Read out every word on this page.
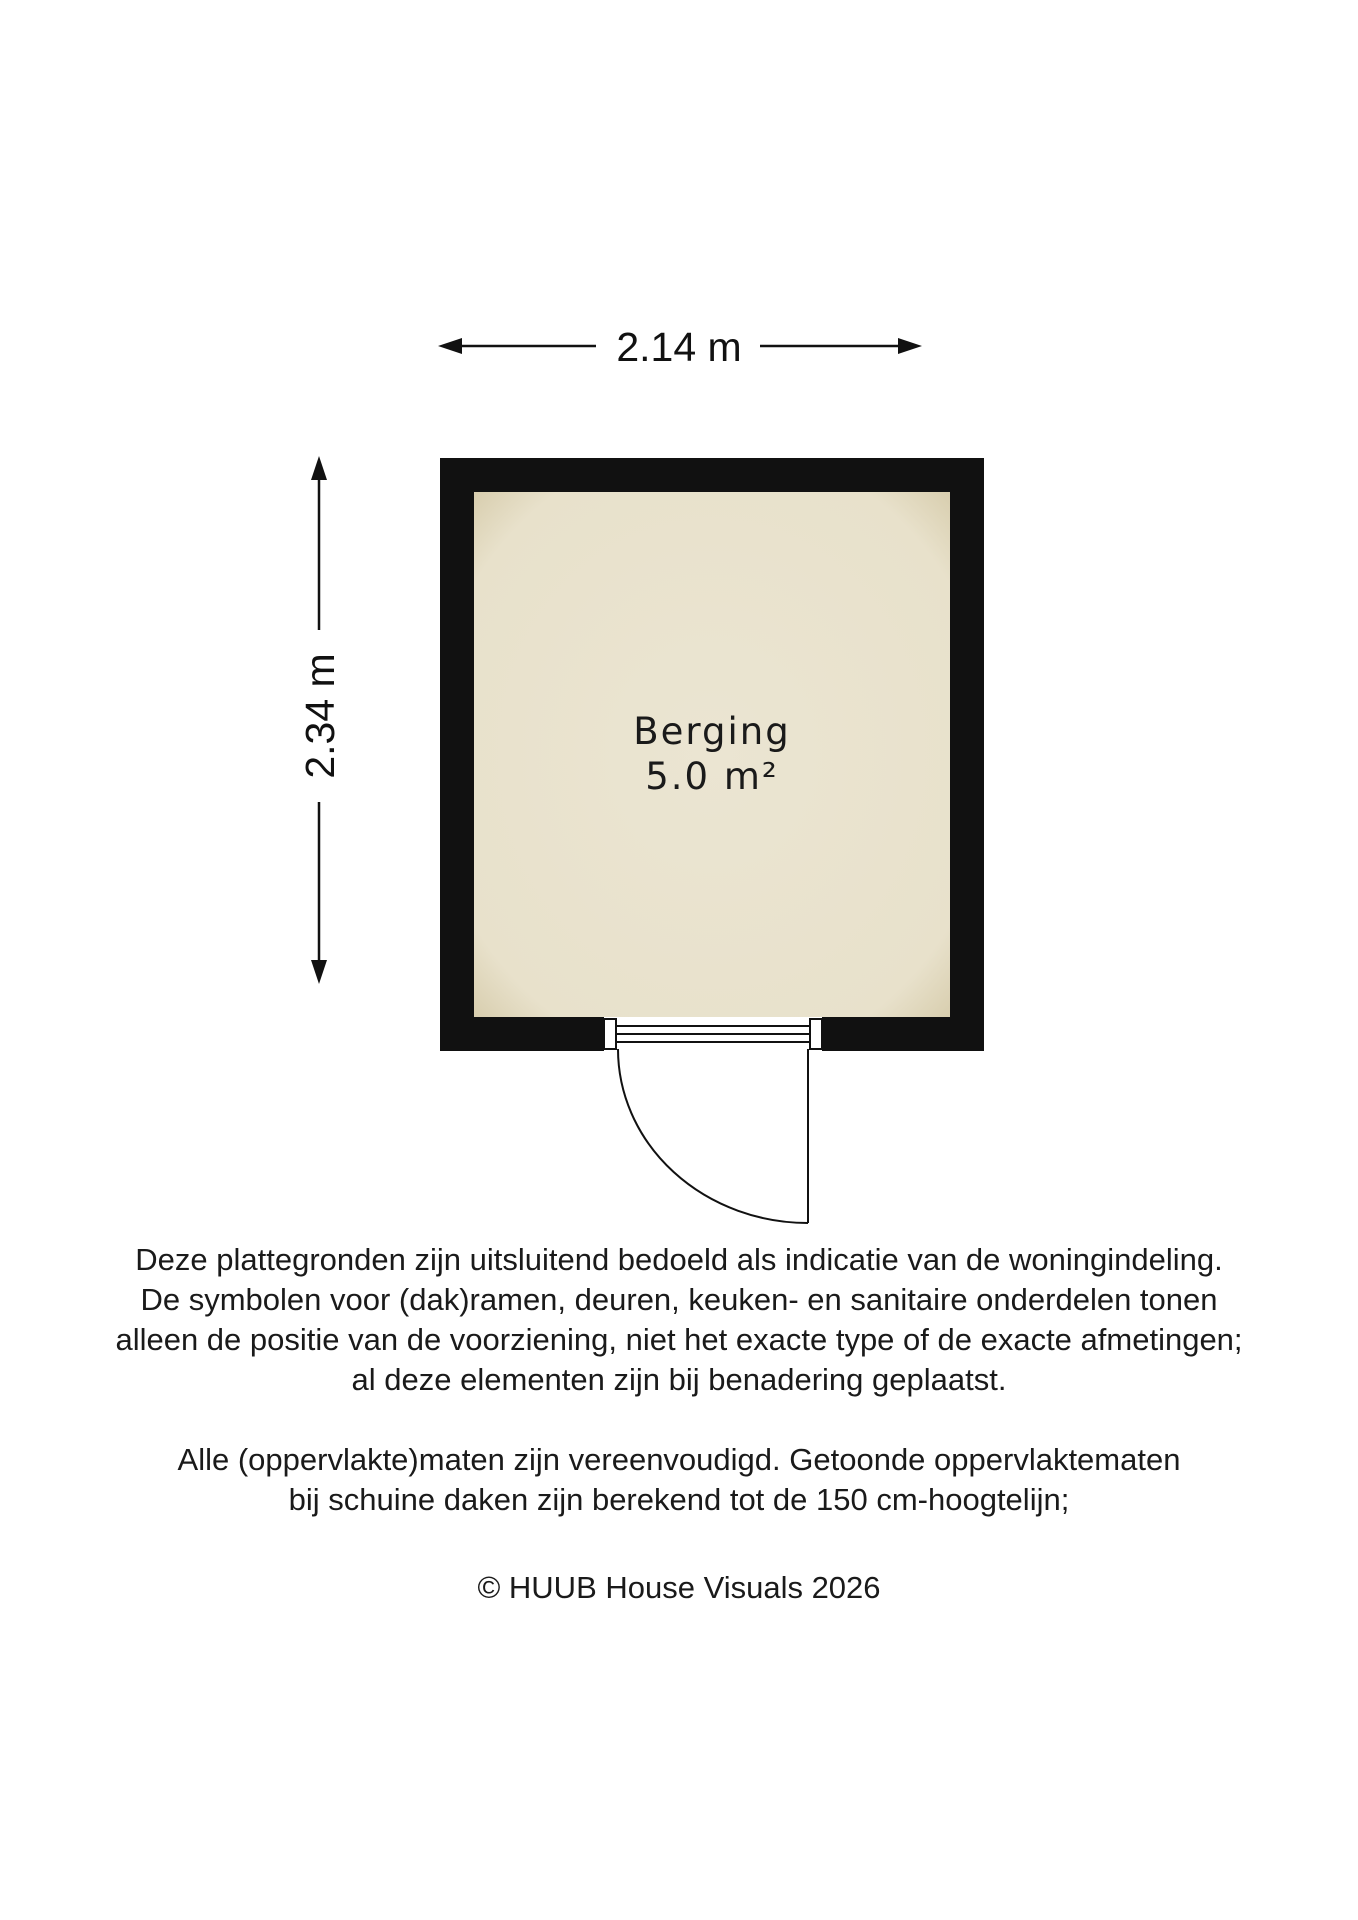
2.14 m
2.34 m	Berging
5.0 m²

Deze plattegronden zijn uitsluitend bedoeld als indicatie van de woningindeling.

De symbolen voor (dak)ramen, deuren, keuken- en sanitaire onderdelen tonen

alleen de positie van de voorziening, niet het exacte type of de exacte afmetingen;

al deze elementen zijn bij benadering geplaatst.

Alle (oppervlakte)maten zijn vereenvoudigd. Getoonde oppervlaktematen

bij schuine daken zijn berekend tot de 150 cm-hoogtelijn;

© HUUB House Visuals 2026
